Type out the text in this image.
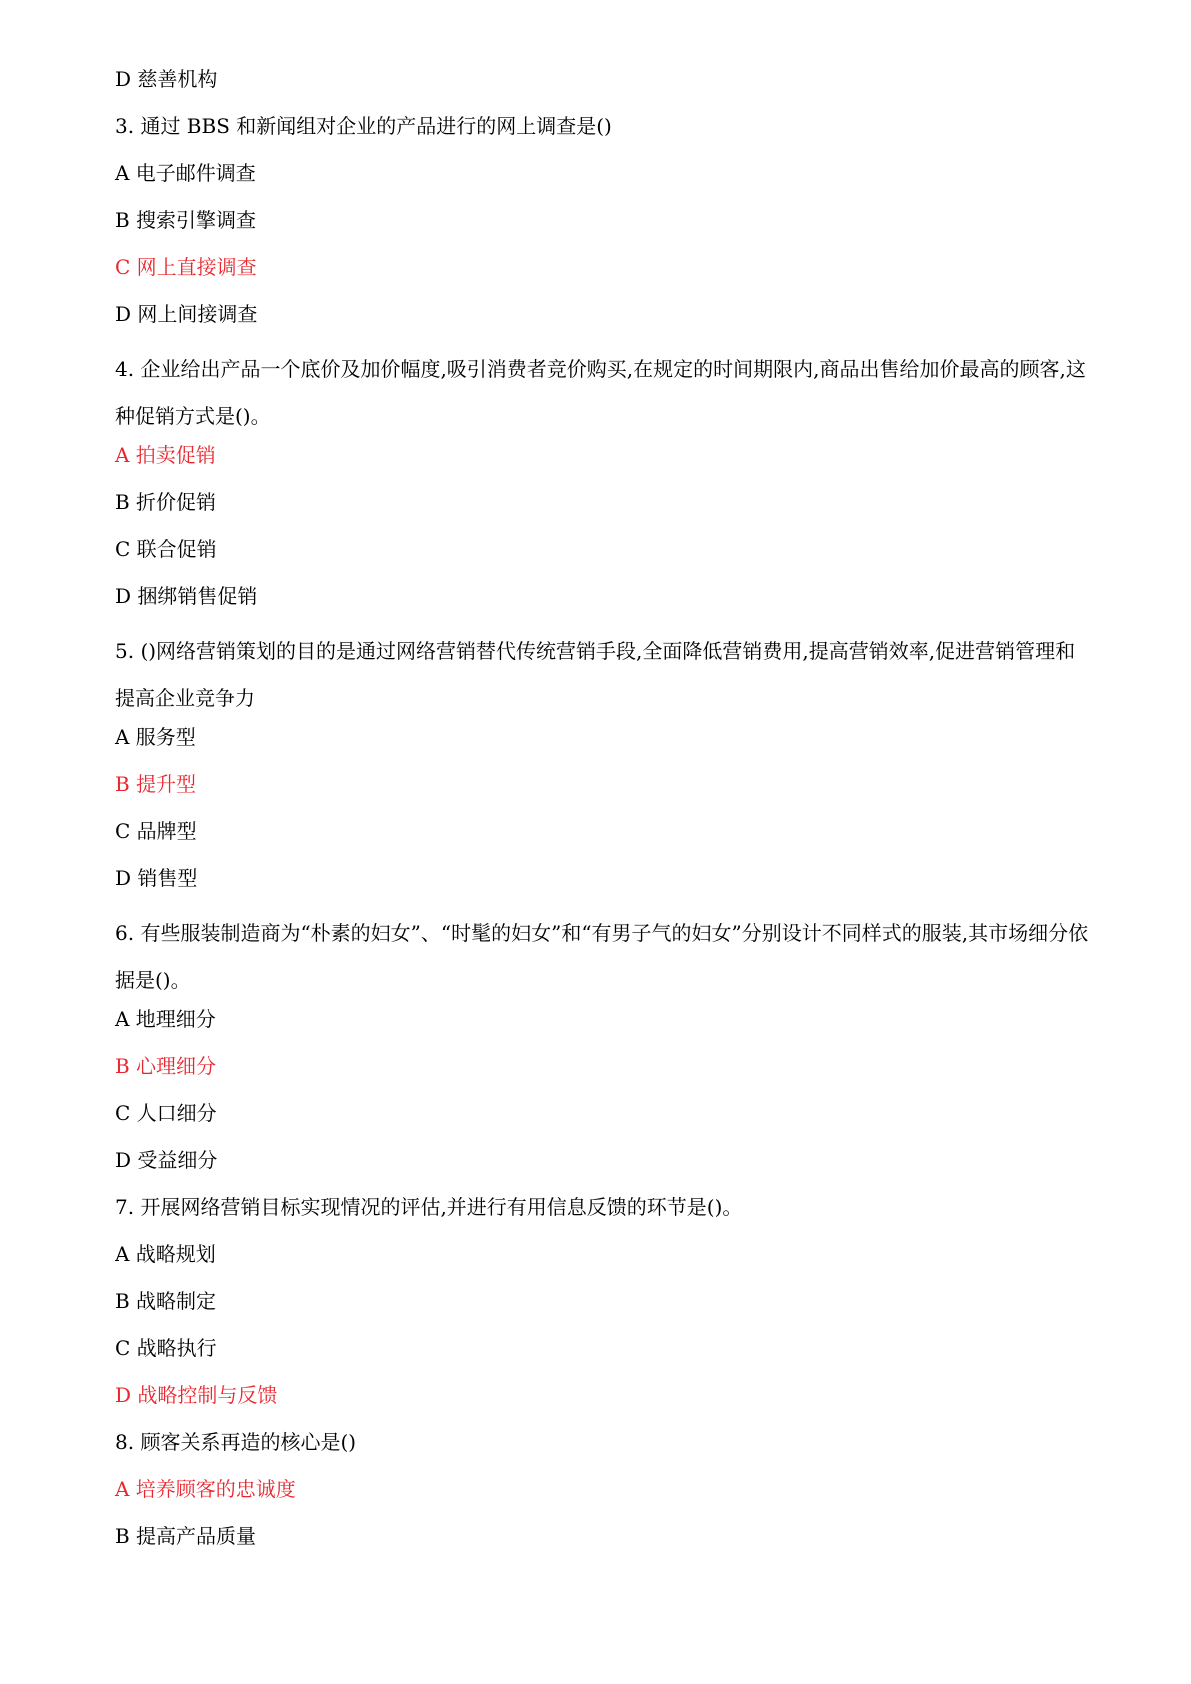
D 慈善机构
3. 通过 BBS 和新闻组对企业的产品进行的网上调查是()
A 电子邮件调查
B 搜索引擎调查
C 网上直接调查
D 网上间接调查
4. 企业给出产品一个底价及加价幅度,吸引消费者竞价购买,在规定的时间期限内,商品出售给加价最高的顾客,这种促销方式是()。
A 拍卖促销
B 折价促销
C 联合促销
D 捆绑销售促销
5. ()网络营销策划的目的是通过网络营销替代传统营销手段,全面降低营销费用,提高营销效率,促进营销管理和提高企业竞争力
A 服务型
B 提升型
C 品牌型
D 销售型
6. 有些服装制造商为“朴素的妇女”、“时髦的妇女”和“有男子气的妇女”分别设计不同样式的服装,其市场细分依据是()。
A 地理细分
B 心理细分
C 人口细分
D 受益细分
7. 开展网络营销目标实现情况的评估,并进行有用信息反馈的环节是()。
A 战略规划
B 战略制定
C 战略执行
D 战略控制与反馈
8. 顾客关系再造的核心是()
A 培养顾客的忠诚度
B 提高产品质量
